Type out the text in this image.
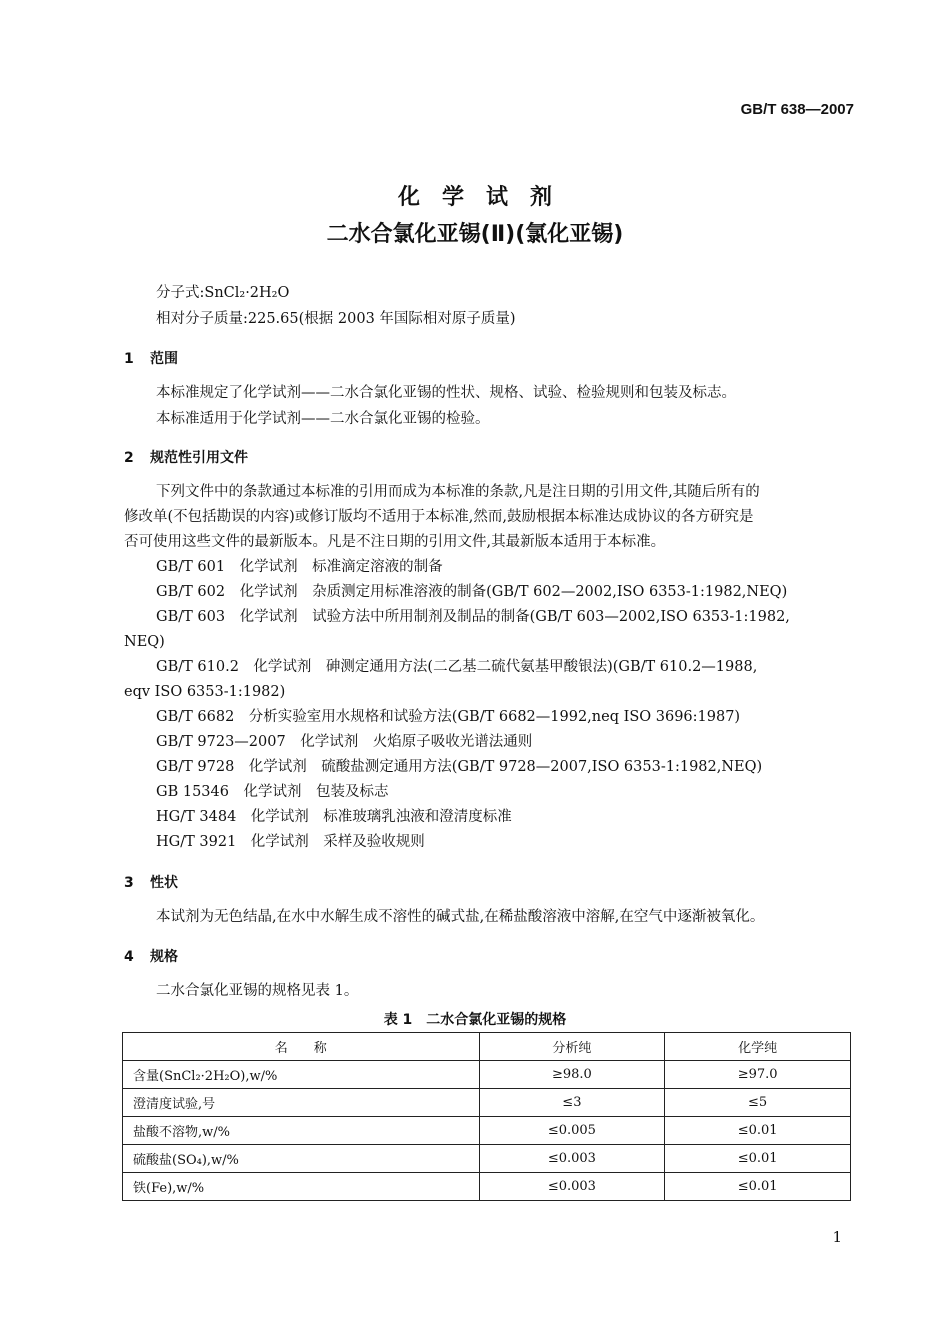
GB/T 638—2007
化学试剂
二水合氯化亚锡(Ⅱ)(氯化亚锡)
分子式:SnCl₂·2H₂O
相对分子质量:225.65(根据 2003 年国际相对原子质量)
1 范围
本标准规定了化学试剂——二水合氯化亚锡的性状、规格、试验、检验规则和包装及标志。
本标准适用于化学试剂——二水合氯化亚锡的检验。
2 规范性引用文件
下列文件中的条款通过本标准的引用而成为本标准的条款,凡是注日期的引用文件,其随后所有的
修改单(不包括勘误的内容)或修订版均不适用于本标准,然而,鼓励根据本标准达成协议的各方研究是
否可使用这些文件的最新版本。凡是不注日期的引用文件,其最新版本适用于本标准。
GB/T 601　化学试剂　标准滴定溶液的制备
GB/T 602　化学试剂　杂质测定用标准溶液的制备(GB/T 602—2002,ISO 6353-1:1982,NEQ)
GB/T 603　化学试剂　试验方法中所用制剂及制品的制备(GB/T 603—2002,ISO 6353-1:1982,
NEQ)
GB/T 610.2　化学试剂　砷测定通用方法(二乙基二硫代氨基甲酸银法)(GB/T 610.2—1988,
eqv ISO 6353-1:1982)
GB/T 6682　分析实验室用水规格和试验方法(GB/T 6682—1992,neq ISO 3696:1987)
GB/T 9723—2007　化学试剂　火焰原子吸收光谱法通则
GB/T 9728　化学试剂　硫酸盐测定通用方法(GB/T 9728—2007,ISO 6353-1:1982,NEQ)
GB 15346　化学试剂　包装及标志
HG/T 3484　化学试剂　标准玻璃乳浊液和澄清度标准
HG/T 3921　化学试剂　采样及验收规则
3 性状
本试剂为无色结晶,在水中水解生成不溶性的碱式盐,在稀盐酸溶液中溶解,在空气中逐渐被氧化。
4 规格
二水合氯化亚锡的规格见表 1。
表 1　二水合氯化亚锡的规格
名　　称	分析纯	化学纯
含量(SnCl₂·2H₂O),w/%	≥98.0	≥97.0
澄清度试验,号	≤3	≤5
盐酸不溶物,w/%	≤0.005	≤0.01
硫酸盐(SO₄),w/%	≤0.003	≤0.01
铁(Fe),w/%	≤0.003	≤0.01
1
